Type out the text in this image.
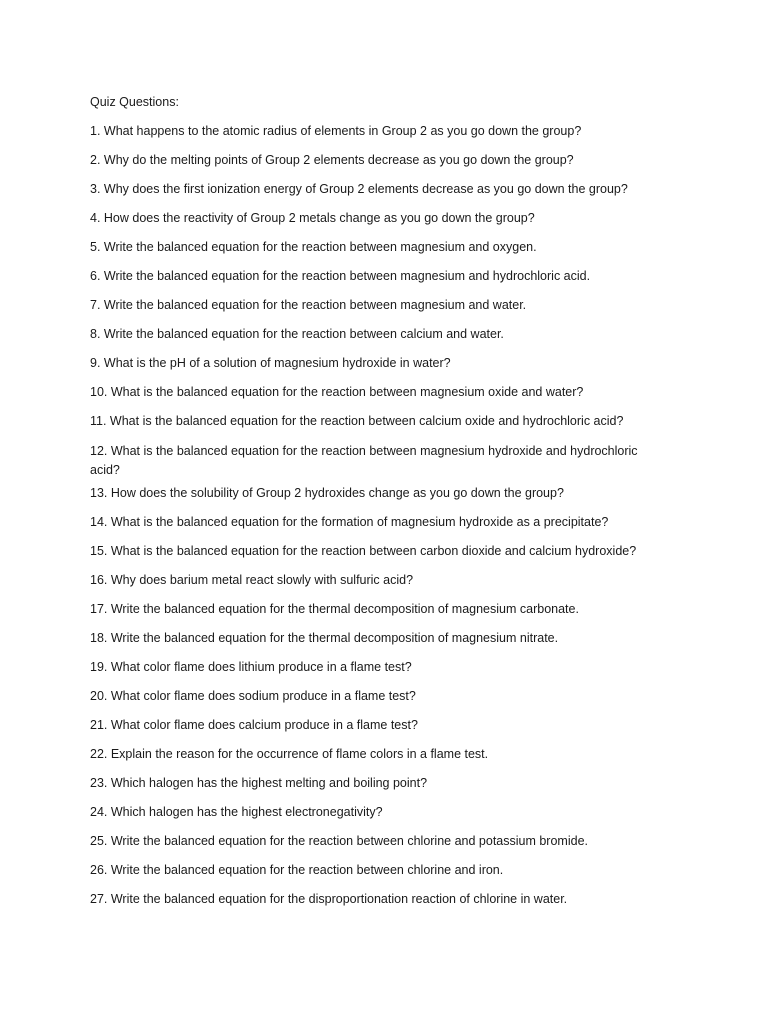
Quiz Questions:
1. What happens to the atomic radius of elements in Group 2 as you go down the group?
2. Why do the melting points of Group 2 elements decrease as you go down the group?
3. Why does the first ionization energy of Group 2 elements decrease as you go down the group?
4. How does the reactivity of Group 2 metals change as you go down the group?
5. Write the balanced equation for the reaction between magnesium and oxygen.
6. Write the balanced equation for the reaction between magnesium and hydrochloric acid.
7. Write the balanced equation for the reaction between magnesium and water.
8. Write the balanced equation for the reaction between calcium and water.
9. What is the pH of a solution of magnesium hydroxide in water?
10. What is the balanced equation for the reaction between magnesium oxide and water?
11. What is the balanced equation for the reaction between calcium oxide and hydrochloric acid?
12. What is the balanced equation for the reaction between magnesium hydroxide and hydrochloric acid?
13. How does the solubility of Group 2 hydroxides change as you go down the group?
14. What is the balanced equation for the formation of magnesium hydroxide as a precipitate?
15. What is the balanced equation for the reaction between carbon dioxide and calcium hydroxide?
16. Why does barium metal react slowly with sulfuric acid?
17. Write the balanced equation for the thermal decomposition of magnesium carbonate.
18. Write the balanced equation for the thermal decomposition of magnesium nitrate.
19. What color flame does lithium produce in a flame test?
20. What color flame does sodium produce in a flame test?
21. What color flame does calcium produce in a flame test?
22. Explain the reason for the occurrence of flame colors in a flame test.
23. Which halogen has the highest melting and boiling point?
24. Which halogen has the highest electronegativity?
25. Write the balanced equation for the reaction between chlorine and potassium bromide.
26. Write the balanced equation for the reaction between chlorine and iron.
27. Write the balanced equation for the disproportionation reaction of chlorine in water.
